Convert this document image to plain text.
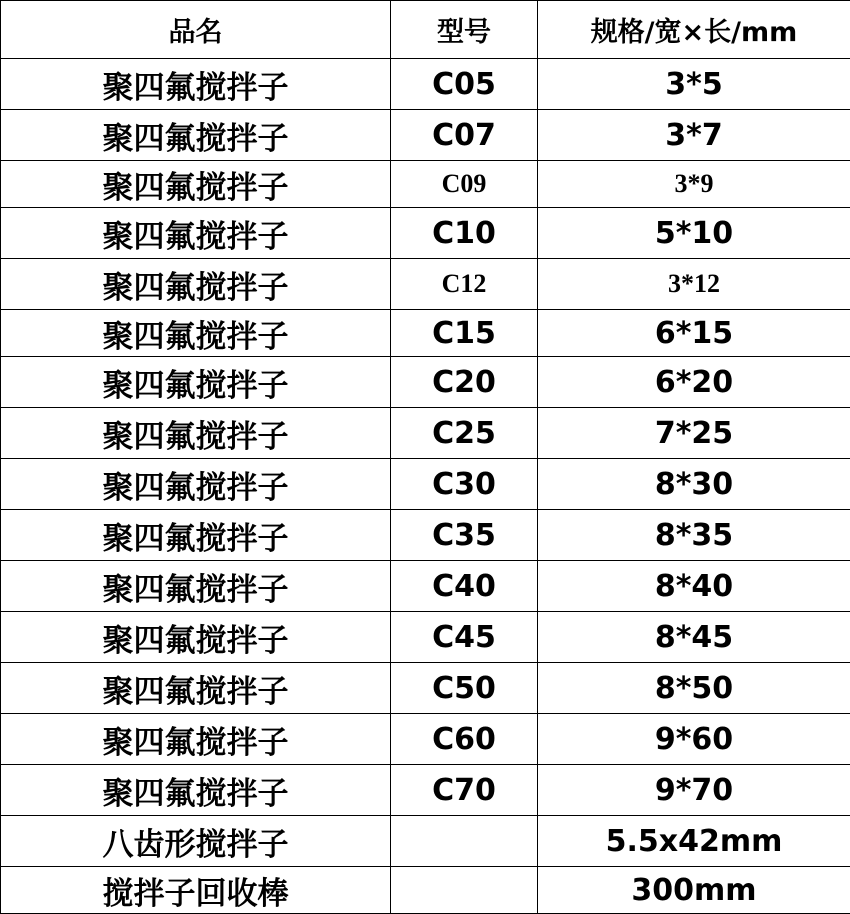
品名	型号	规格/宽×长/mm
聚四氟搅拌子	C05	3*5
聚四氟搅拌子	C07	3*7
聚四氟搅拌子	C09	3*9
聚四氟搅拌子	C10	5*10
聚四氟搅拌子	C12	3*12
聚四氟搅拌子	C15	6*15
聚四氟搅拌子	C20	6*20
聚四氟搅拌子	C25	7*25
聚四氟搅拌子	C30	8*30
聚四氟搅拌子	C35	8*35
聚四氟搅拌子	C40	8*40
聚四氟搅拌子	C45	8*45
聚四氟搅拌子	C50	8*50
聚四氟搅拌子	C60	9*60
聚四氟搅拌子	C70	9*70
八齿形搅拌子		5.5x42mm
搅拌子回收棒		300mm
